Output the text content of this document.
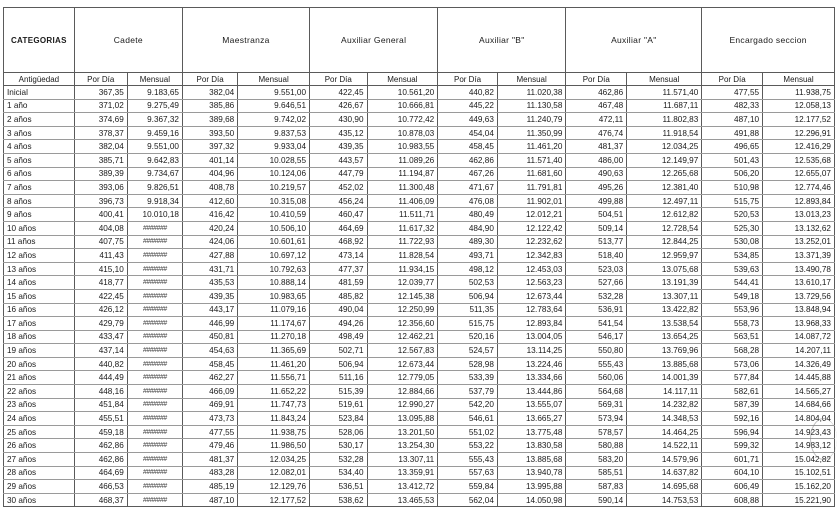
CATEGORIAS	Cadete		Maestranza		Auxiliar General		Auxiliar "B"		Auxiliar "A"		Encargado seccion	
Antigüedad	Por Día	Mensual	Por Día	Mensual	Por Día	Mensual	Por Día	Mensual	Por Día	Mensual	Por Día	Mensual
Inicial	367,35	9.183,65	382,04	9.551,00	422,45	10.561,20	440,82	11.020,38	462,86	11.571,40	477,55	11.938,75
1 año	371,02	9.275,49	385,86	9.646,51	426,67	10.666,81	445,22	11.130,58	467,48	11.687,11	482,33	12.058,13
2 años	374,69	9.367,32	389,68	9.742,02	430,90	10.772,42	449,63	11.240,79	472,11	11.802,83	487,10	12.177,52
3 años	378,37	9.459,16	393,50	9.837,53	435,12	10.878,03	454,04	11.350,99	476,74	11.918,54	491,88	12.296,91
4 años	382,04	9.551,00	397,32	9.933,04	439,35	10.983,55	458,45	11.461,20	481,37	12.034,25	496,65	12.416,29
5 años	385,71	9.642,83	401,14	10.028,55	443,57	11.089,26	462,86	11.571,40	486,00	12.149,97	501,43	12.535,68
6 años	389,39	9.734,67	404,96	10.124,06	447,79	11.194,87	467,26	11.681,60	490,63	12.265,68	506,20	12.655,07
7 años	393,06	9.826,51	408,78	10.219,57	452,02	11.300,48	471,67	11.791,81	495,26	12.381,40	510,98	12.774,46
8 años	396,73	9.918,34	412,60	10.315,08	456,24	11.406,09	476,08	11.902,01	499,88	12.497,11	515,75	12.893,84
9 años	400,41	10.010,18	416,42	10.410,59	460,47	11.511,71	480,49	12.012,21	504,51	12.612,82	520,53	13.013,23
10 años	404,08	#######	420,24	10.506,10	464,69	11.617,32	484,90	12.122,42	509,14	12.728,54	525,30	13.132,62
11 años	407,75	#######	424,06	10.601,61	468,92	11.722,93	489,30	12.232,62	513,77	12.844,25	530,08	13.252,01
12 años	411,43	#######	427,88	10.697,12	473,14	11.828,54	493,71	12.342,83	518,40	12.959,97	534,85	13.371,39
13 años	415,10	#######	431,71	10.792,63	477,37	11.934,15	498,12	12.453,03	523,03	13.075,68	539,63	13.490,78
14 años	418,77	#######	435,53	10.888,14	481,59	12.039,77	502,53	12.563,23	527,66	13.191,39	544,41	13.610,17
15 años	422,45	#######	439,35	10.983,65	485,82	12.145,38	506,94	12.673,44	532,28	13.307,11	549,18	13.729,56
16 años	426,12	#######	443,17	11.079,16	490,04	12.250,99	511,35	12.783,64	536,91	13.422,82	553,96	13.848,94
17 años	429,79	#######	446,99	11.174,67	494,26	12.356,60	515,75	12.893,84	541,54	13.538,54	558,73	13.968,33
18 años	433,47	#######	450,81	11.270,18	498,49	12.462,21	520,16	13.004,05	546,17	13.654,25	563,51	14.087,72
19 años	437,14	#######	454,63	11.365,69	502,71	12.567,83	524,57	13.114,25	550,80	13.769,96	568,28	14.207,11
20 años	440,82	#######	458,45	11.461,20	506,94	12.673,44	528,98	13.224,46	555,43	13.885,68	573,06	14.326,49
21 años	444,49	#######	462,27	11.556,71	511,16	12.779,05	533,39	13.334,66	560,06	14.001,39	577,84	14.445,88
22 años	448,16	#######	466,09	11.652,22	515,39	12.884,66	537,79	13.444,86	564,68	14.117,11	582,61	14.565,27
23 años	451,84	#######	469,91	11.747,73	519,61	12.990,27	542,20	13.555,07	569,31	14.232,82	587,39	14.684,66
24 años	455,51	#######	473,73	11.843,24	523,84	13.095,88	546,61	13.665,27	573,94	14.348,53	592,16	14.804,04
25 años	459,18	#######	477,55	11.938,75	528,06	13.201,50	551,02	13.775,48	578,57	14.464,25	596,94	14.923,43
26 años	462,86	#######	479,46	11.986,50	530,17	13.254,30	553,22	13.830,58	580,88	14.522,11	599,32	14.983,12
27 años	462,86	#######	481,37	12.034,25	532,28	13.307,11	555,43	13.885,68	583,20	14.579,96	601,71	15.042,82
28 años	464,69	#######	483,28	12.082,01	534,40	13.359,91	557,63	13.940,78	585,51	14.637,82	604,10	15.102,51
29 años	466,53	#######	485,19	12.129,76	536,51	13.412,72	559,84	13.995,88	587,83	14.695,68	606,49	15.162,20
30 años	468,37	#######	487,10	12.177,52	538,62	13.465,53	562,04	14.050,98	590,14	14.753,53	608,88	15.221,90
